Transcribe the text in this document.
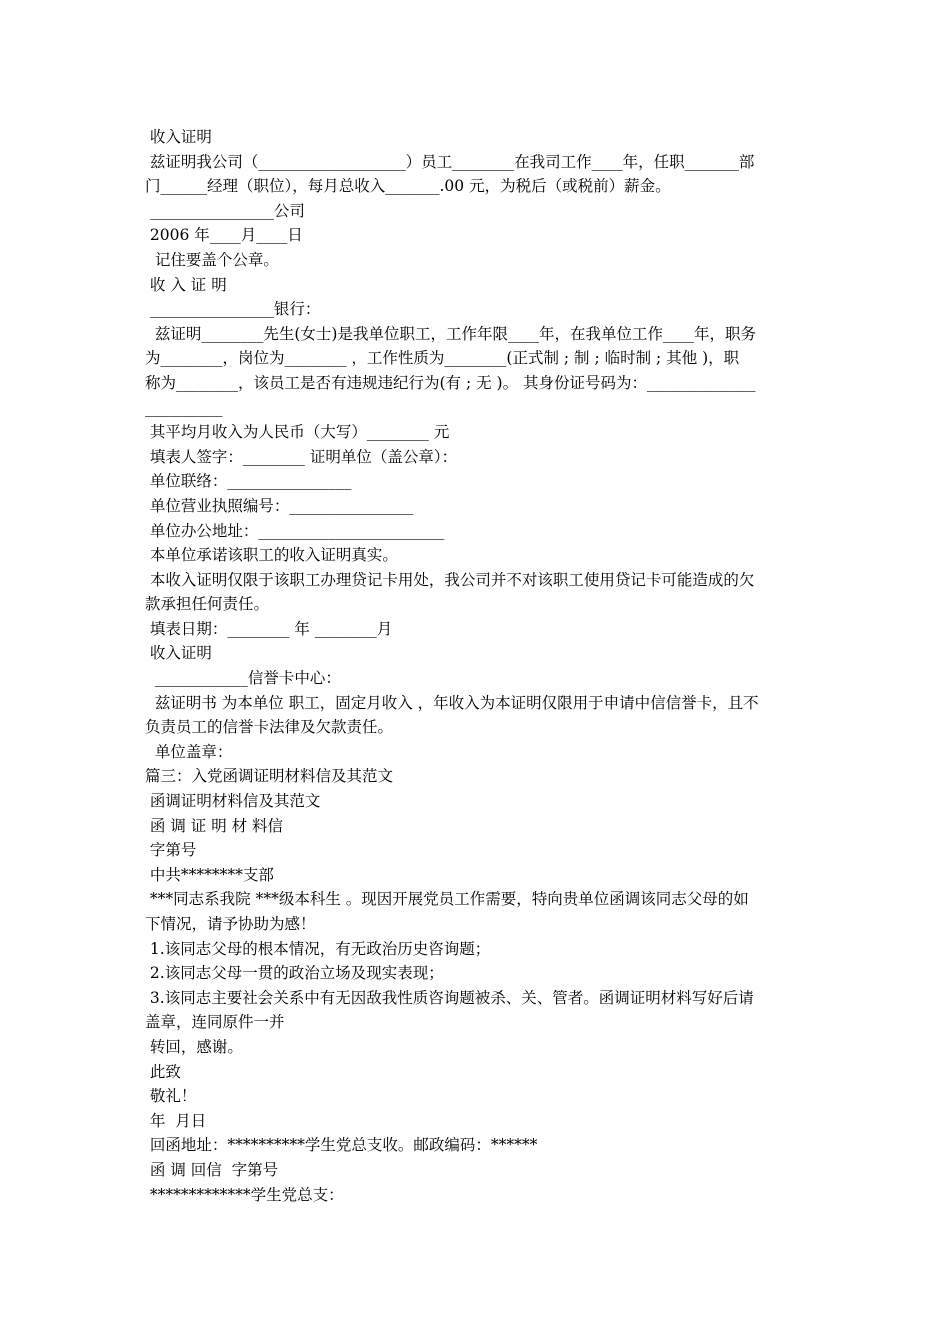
收入证明
兹证明我公司（___________________）员工________在我司工作____年，任职_______部
门______经理（职位），每月总收入_______.00 元，为税后（或税前）薪金。
________________公司
2006 年____月____日
记住要盖个公章。
收 入 证 明
________________银行：
兹证明________先生(女士)是我单位职工，工作年限____年，在我单位工作____年，职务
为________，岗位为________ ，工作性质为________(正式制 ; 制 ; 临时制 ; 其他 )，职
称为________，该员工是否有违规违纪行为(有 ; 无 )。 其身份证号码为：______________
__________
其平均月收入为人民币（大写）________ 元
填表人签字：________ 证明单位（盖公章）：
单位联络：________________
单位营业执照编号：________________
单位办公地址：________________________
本单位承诺该职工的收入证明真实。
本收入证明仅限于该职工办理贷记卡用处，我公司并不对该职工使用贷记卡可能造成的欠
款承担任何责任。
填表日期：________ 年 ________月
收入证明
____________信誉卡中心：
兹证明书 为本单位 职工，固定月收入 ，年收入为本证明仅限用于申请中信信誉卡，且不
负责员工的信誉卡法律及欠款责任。
单位盖章：
篇三：入党函调证明材料信及其范文
函调证明材料信及其范文
函 调 证 明 材 料信
字第号
中共********支部
***同志系我院 ***级本科生 。现因开展党员工作需要，特向贵单位函调该同志父母的如
下情况，请予协助为感！
1.该同志父母的根本情况，有无政治历史咨询题；
2.该同志父母一贯的政治立场及现实表现；
3.该同志主要社会关系中有无因敌我性质咨询题被杀、关、管者。函调证明材料写好后请
盖章，连同原件一并
转回，感谢。
此致
敬礼！
年  月日
回函地址：**********学生党总支收。邮政编码：******
函 调 回信  字第号
*************学生党总支：
